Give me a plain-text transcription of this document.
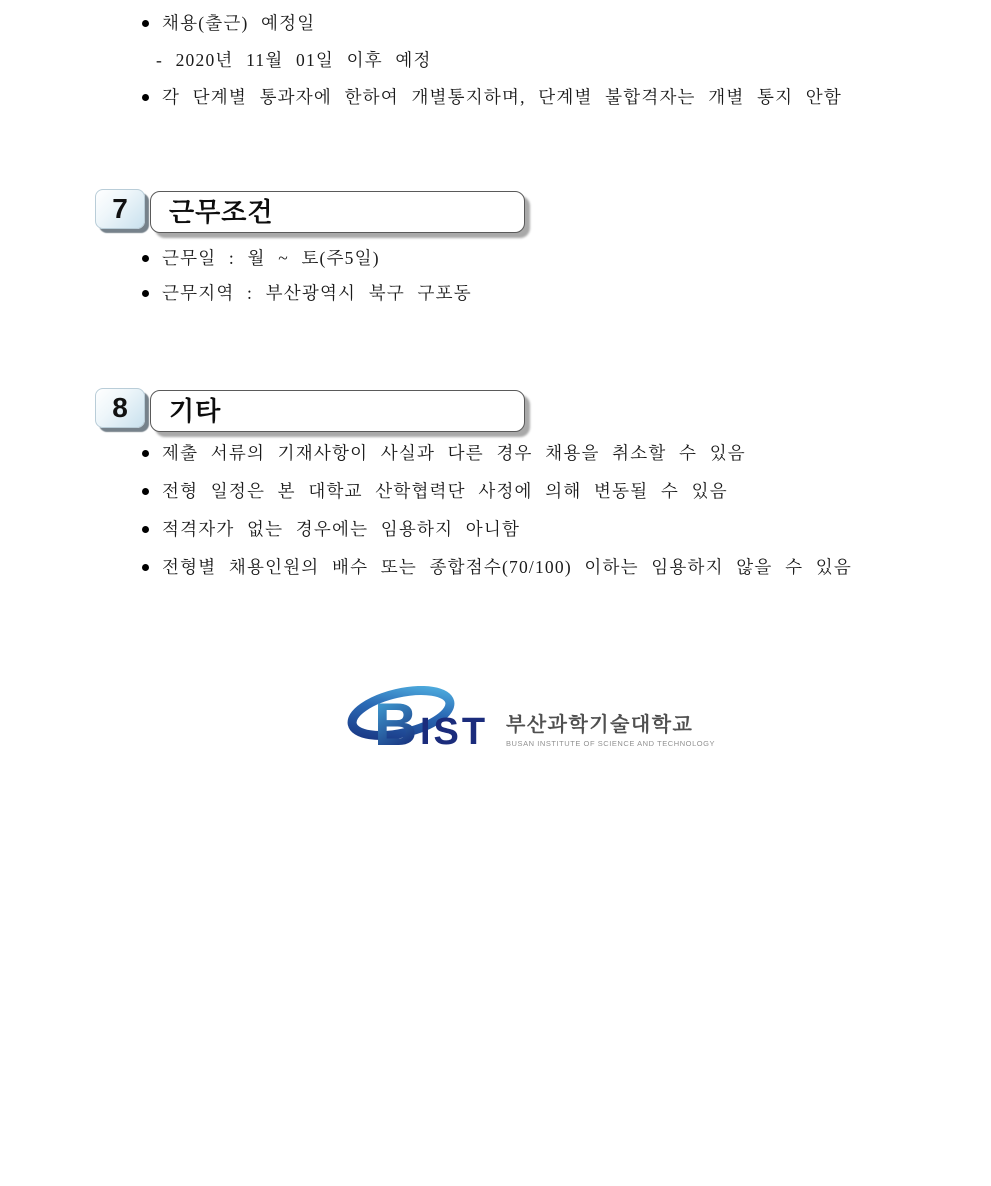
채용(출근) 예정일
- 2020년 11월 01일 이후 예정
각 단계별 통과자에 한하여 개별통지하며, 단계별 불합격자는 개별 통지 안함
7	근무조건
근무일 : 월 ~ 토(주5일)
근무지역 : 부산광역시 북구 구포동
8	기타
제출 서류의 기재사항이 사실과 다른 경우 채용을 취소할 수 있음
전형 일정은 본 대학교 산학협력단 사정에 의해 변동될 수 있음
적격자가 없는 경우에는 임용하지 아니함
전형별 채용인원의 배수 또는 종합점수(70/100) 이하는 임용하지 않을 수 있음
B IST 부산과학기술대학교
BUSAN INSTITUTE OF SCIENCE AND TECHNOLOGY
